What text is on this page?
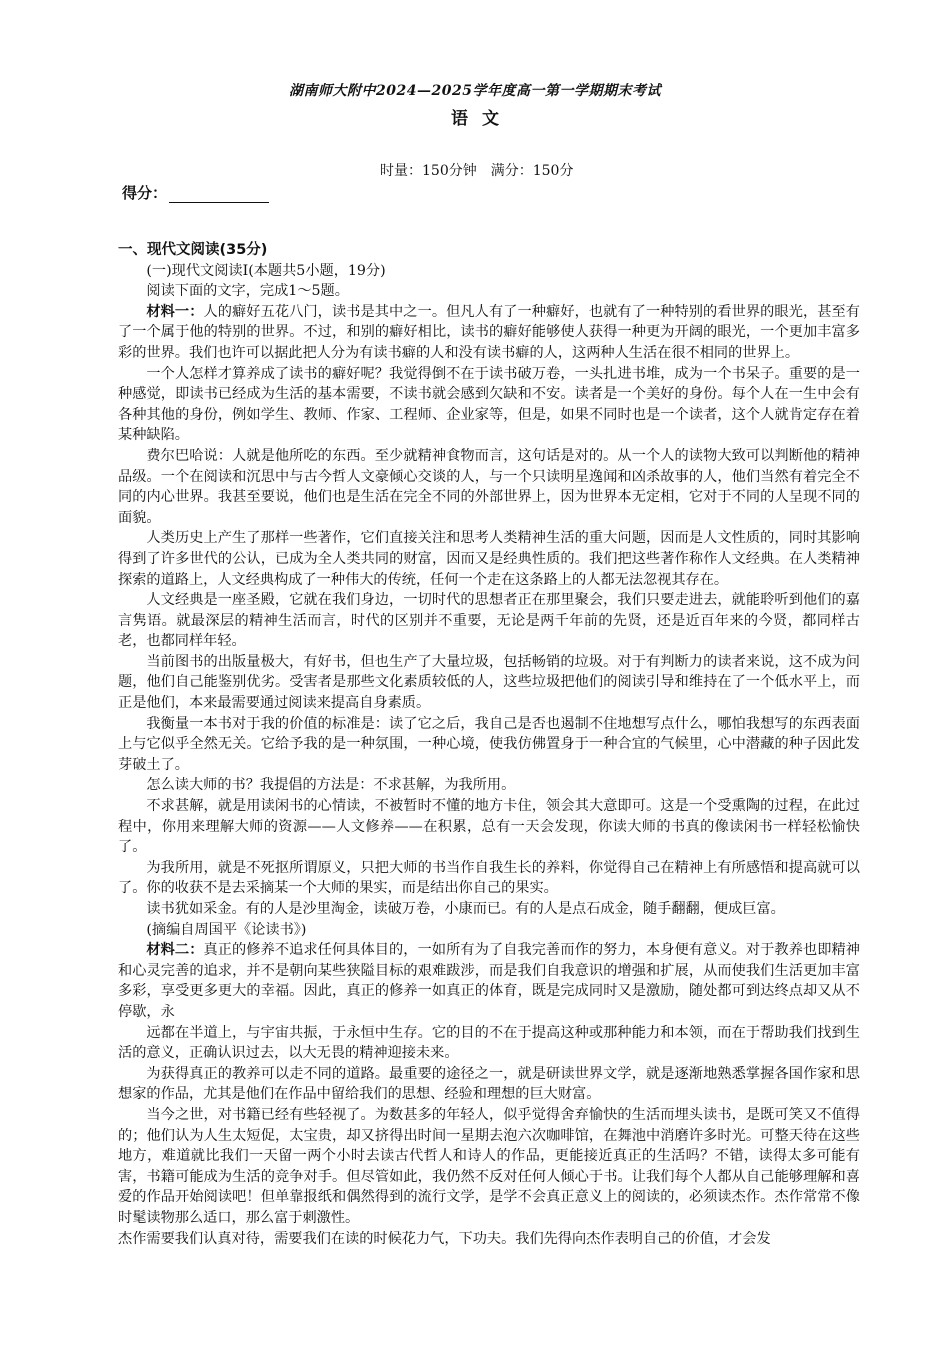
湖南师大附中2024—2025学年度高一第一学期期末考试
语文
时量：150分钟　满分：150分
得分：

一、现代文阅读(35分)

(一)现代文阅读Ⅰ(本题共5小题，19分)

阅读下面的文字，完成1～5题。

材料一：人的癖好五花八门，读书是其中之一。但凡人有了一种癖好，也就有了一种特别的看世界的眼光，甚至有了一个属于他的特别的世界。不过，和别的癖好相比，读书的癖好能够使人获得一种更为开阔的眼光，一个更加丰富多彩的世界。我们也许可以据此把人分为有读书癖的人和没有读书癖的人，这两种人生活在很不相同的世界上。

一个人怎样才算养成了读书的癖好呢？我觉得倒不在于读书破万卷，一头扎进书堆，成为一个书呆子。重要的是一种感觉，即读书已经成为生活的基本需要，不读书就会感到欠缺和不安。读者是一个美好的身份。每个人在一生中会有各种其他的身份，例如学生、教师、作家、工程师、企业家等，但是，如果不同时也是一个读者，这个人就肯定存在着某种缺陷。

费尔巴哈说：人就是他所吃的东西。至少就精神食物而言，这句话是对的。从一个人的读物大致可以判断他的精神品级。一个在阅读和沉思中与古今哲人文豪倾心交谈的人，与一个只读明星逸闻和凶杀故事的人，他们当然有着完全不同的内心世界。我甚至要说，他们也是生活在完全不同的外部世界上，因为世界本无定相，它对于不同的人呈现不同的面貌。

人类历史上产生了那样一些著作，它们直接关注和思考人类精神生活的重大问题，因而是人文性质的，同时其影响得到了许多世代的公认，已成为全人类共同的财富，因而又是经典性质的。我们把这些著作称作人文经典。在人类精神探索的道路上，人文经典构成了一种伟大的传统，任何一个走在这条路上的人都无法忽视其存在。

人文经典是一座圣殿，它就在我们身边，一切时代的思想者正在那里聚会，我们只要走进去，就能聆听到他们的嘉言隽语。就最深层的精神生活而言，时代的区别并不重要，无论是两千年前的先贤，还是近百年来的今贤，都同样古老，也都同样年轻。

当前图书的出版量极大，有好书，但也生产了大量垃圾，包括畅销的垃圾。对于有判断力的读者来说，这不成为问题，他们自己能鉴别优劣。受害者是那些文化素质较低的人，这些垃圾把他们的阅读引导和维持在了一个低水平上，而正是他们，本来最需要通过阅读来提高自身素质。

我衡量一本书对于我的价值的标准是：读了它之后，我自己是否也遏制不住地想写点什么，哪怕我想写的东西表面上与它似乎全然无关。它给予我的是一种氛围，一种心境，使我仿佛置身于一种合宜的气候里，心中潜藏的种子因此发芽破土了。

怎么读大师的书？我提倡的方法是：不求甚解，为我所用。

不求甚解，就是用读闲书的心情读，不被暂时不懂的地方卡住，领会其大意即可。这是一个受熏陶的过程，在此过程中，你用来理解大师的资源——人文修养——在积累，总有一天会发现，你读大师的书真的像读闲书一样轻松愉快了。

为我所用，就是不死抠所谓原义，只把大师的书当作自我生长的养料，你觉得自己在精神上有所感悟和提高就可以了。你的收获不是去采摘某一个大师的果实，而是结出你自己的果实。

读书犹如采金。有的人是沙里淘金，读破万卷，小康而已。有的人是点石成金，随手翻翻，便成巨富。

(摘编自周国平《论读书》)

材料二：真正的修养不追求任何具体目的，一如所有为了自我完善而作的努力，本身便有意义。对于教养也即精神和心灵完善的追求，并不是朝向某些狭隘目标的艰难跋涉，而是我们自我意识的增强和扩展，从而使我们生活更加丰富多彩，享受更多更大的幸福。因此，真正的修养一如真正的体育，既是完成同时又是激励，随处都可到达终点却又从不停歇，永

远都在半道上，与宇宙共振，于永恒中生存。它的目的不在于提高这种或那种能力和本领，而在于帮助我们找到生活的意义，正确认识过去，以大无畏的精神迎接未来。

为获得真正的教养可以走不同的道路。最重要的途径之一，就是研读世界文学，就是逐渐地熟悉掌握各国作家和思想家的作品，尤其是他们在作品中留给我们的思想、经验和理想的巨大财富。

当今之世，对书籍已经有些轻视了。为数甚多的年轻人，似乎觉得舍弃愉快的生活而埋头读书，是既可笑又不值得的；他们认为人生太短促，太宝贵，却又挤得出时间一星期去泡六次咖啡馆，在舞池中消磨许多时光。可整天待在这些地方，难道就比我们一天留一两个小时去读古代哲人和诗人的作品，更能接近真正的生活吗？不错，读得太多可能有害，书籍可能成为生活的竞争对手。但尽管如此，我仍然不反对任何人倾心于书。让我们每个人都从自己能够理解和喜爱的作品开始阅读吧！但单靠报纸和偶然得到的流行文学，是学不会真正意义上的阅读的，必须读杰作。杰作常常不像时髦读物那么适口，那么富于刺激性。

杰作需要我们认真对待，需要我们在读的时候花力气，下功夫。我们先得向杰作表明自己的价值，才会发
